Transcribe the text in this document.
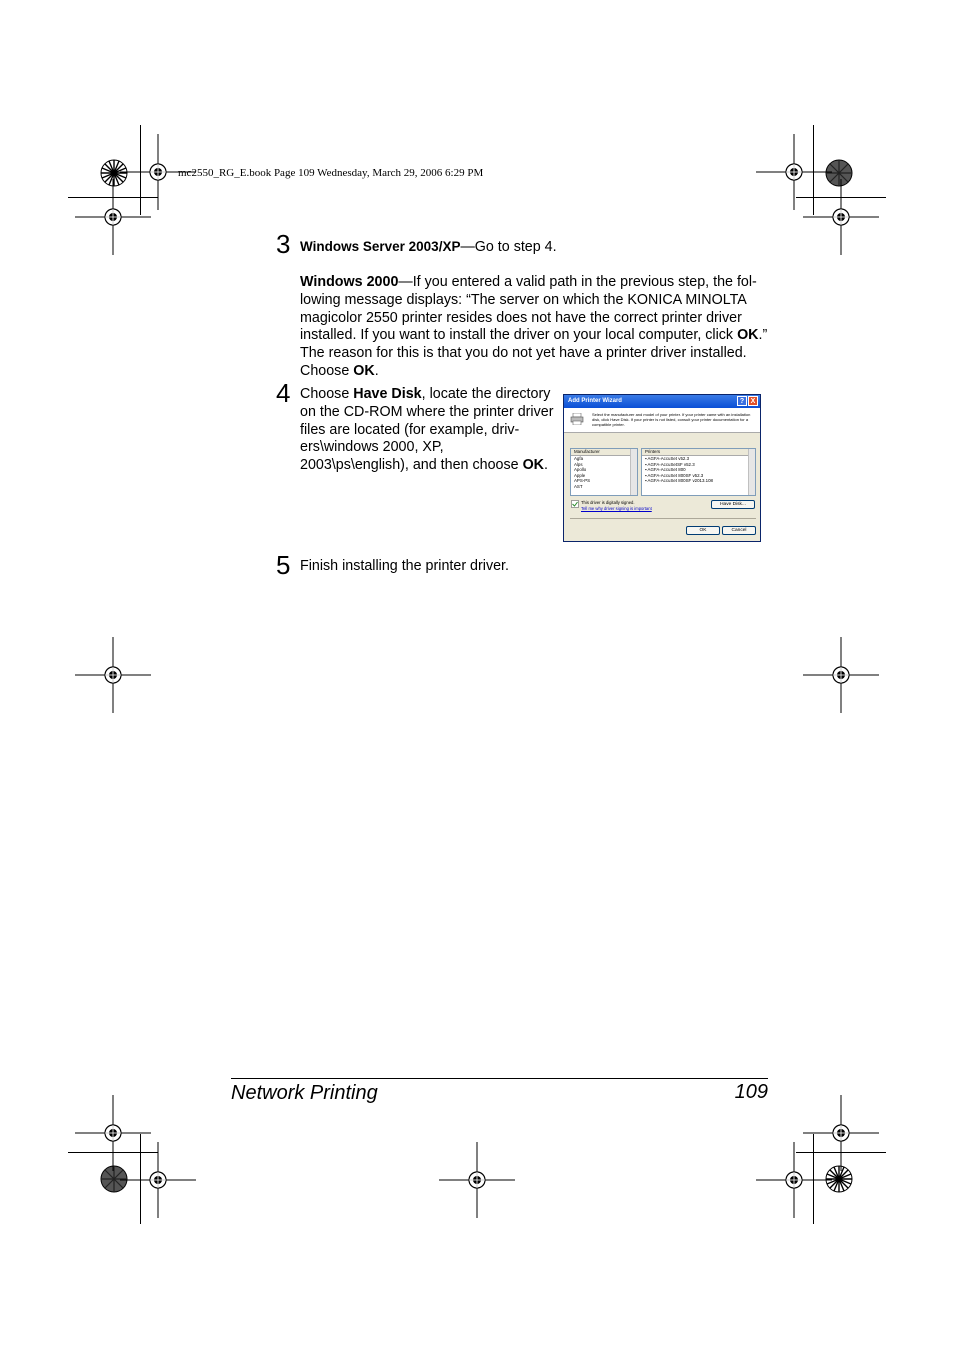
mc2550_RG_E.book Page 109 Wednesday, March 29, 2006 6:29 PM
3 Windows Server 2003/XP—Go to step 4.
Windows 2000—If you entered a valid path in the previous step, the fol-
lowing message displays: “The server on which the KONICA MINOLTA
magicolor 2550 printer resides does not have the correct printer driver
installed. If you want to install the driver on your local computer, click OK.”
The reason for this is that you do not yet have a printer driver installed.
Choose OK.
4 Choose Have Disk, locate the directory
on the CD-ROM where the printer driver
files are located (for example, driv-
ers\windows 2000, XP,
2003\ps\english), and then choose OK.
Add Printer Wizard	? X
Select the manufacturer and model of your printer. If your printer came with an installation disk, click Have Disk. If your printer is not listed, consult your printer documentation for a compatible printer.
Manufacturer
Agfa
Alps
Apollo
Apple
APS-PS
AST
Printers
▪ AGFA-AccuSet v52.3
▪ AGFA-AccuSetSF v52.3
▪ AGFA-AccuSet 800
▪ AGFA-AccuSet 800SF v52.3
▪ AGFA-AccuSet 800SF v2013.108
This driver is digitally signed.
Tell me why driver signing is important
Have Disk...
OK	Cancel
5 Finish installing the printer driver.
Network Printing	109
